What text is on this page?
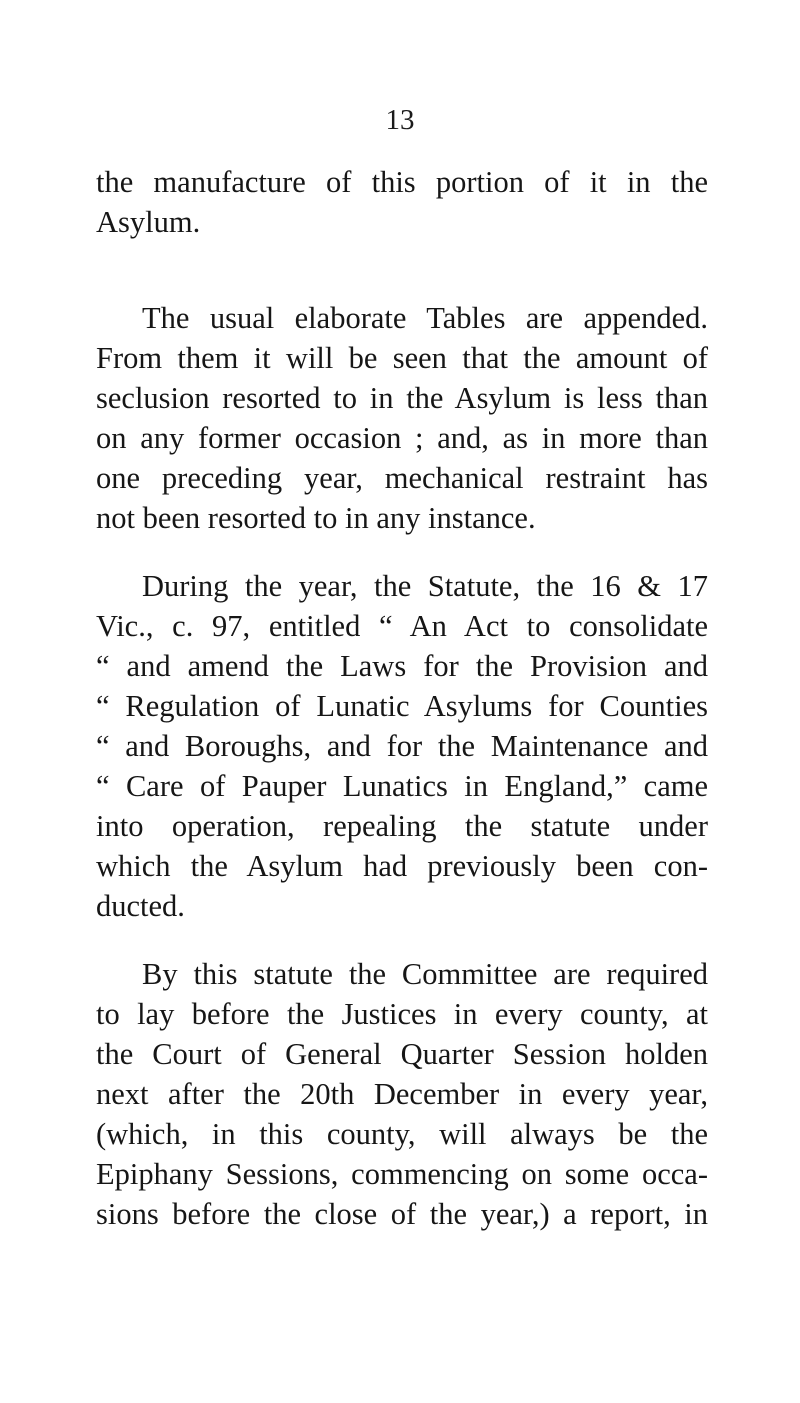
13
the manufacture of this portion of it in the
Asylum.
The usual elaborate Tables are appended.
From them it will be seen that the amount of
seclusion resorted to in the Asylum is less than
on any former occasion ; and, as in more than
one preceding year, mechanical restraint has
not been resorted to in any instance.
During the year, the Statute, the 16 & 17
Vic., c. 97, entitled “ An Act to consolidate
“ and amend the Laws for the Provision and
“ Regulation of Lunatic Asylums for Counties
“ and Boroughs, and for the Maintenance and
“ Care of Pauper Lunatics in England,” came
into operation, repealing the statute under
which the Asylum had previously been con-
ducted.
By this statute the Committee are required
to lay before the Justices in every county, at
the Court of General Quarter Session holden
next after the 20th December in every year,
(which, in this county, will always be the
Epiphany Sessions, commencing on some occa-
sions before the close of the year,) a report, in
